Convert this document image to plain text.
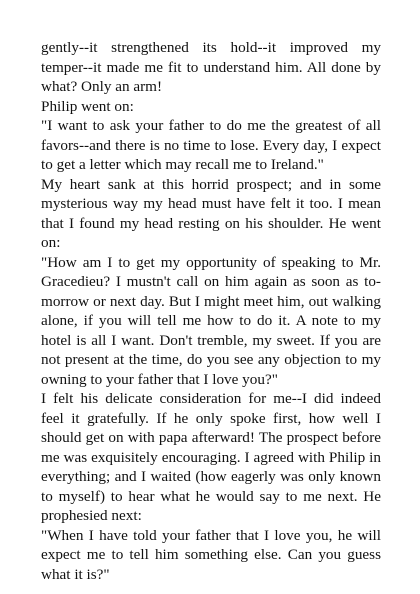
gently--it strengthened its hold--it improved my temper--it made me fit to understand him. All done by what? Only an arm!

Philip went on:

"I want to ask your father to do me the greatest of all favors--and there is no time to lose. Every day, I expect to get a letter which may recall me to Ireland."

My heart sank at this horrid prospect; and in some mysterious way my head must have felt it too. I mean that I found my head resting on his shoulder. He went on:

"How am I to get my opportunity of speaking to Mr. Gracedieu? I mustn't call on him again as soon as to-morrow or next day. But I might meet him, out walking alone, if you will tell me how to do it. A note to my hotel is all I want. Don't tremble, my sweet. If you are not present at the time, do you see any objection to my owning to your father that I love you?"

I felt his delicate consideration for me--I did indeed feel it gratefully. If he only spoke first, how well I should get on with papa afterward! The prospect before me was exquisitely encouraging. I agreed with Philip in everything; and I waited (how eagerly was only known to myself) to hear what he would say to me next. He prophesied next:

"When I have told your father that I love you, he will expect me to tell him something else. Can you guess what it is?"
